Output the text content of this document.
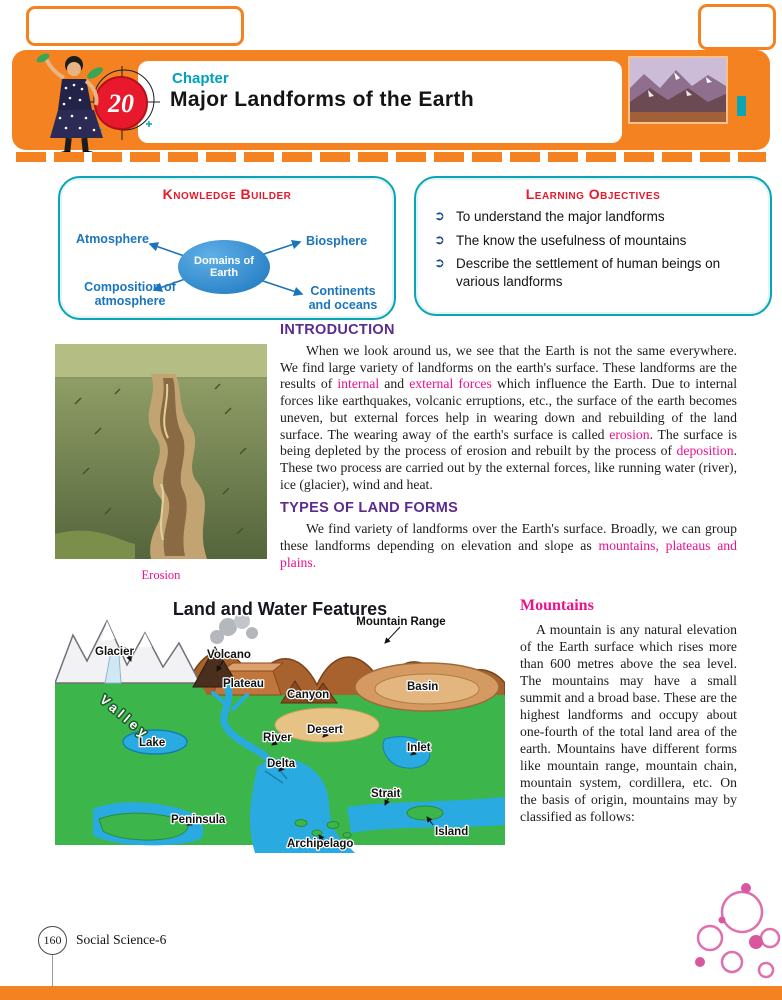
Chapter
Major Landforms of the Earth
20
Knowledge Builder
Atmosphere	Biosphere
Composition of atmosphere
Continents and oceans
Domains of Earth
Learning Objectives
➲ To understand the major landforms
➲ The know the usefulness of mountains
➲ Describe the settlement of human beings on various landforms
Erosion
INTRODUCTION

When we look around us, we see that the Earth is not the same everywhere. We find large variety of landforms on the earth's surface. These landforms are the results of internal and external forces which influence the Earth. Due to internal forces like earthquakes, volcanic erruptions, etc., the surface of the earth becomes uneven, but external forces help in wearing down and rebuilding of the land surface. The wearing away of the earth's surface is called erosion. The surface is being depleted by the process of erosion and rebuilt by the process of deposition. These two process are carried out by the external forces, like running water (river), ice (glacier), wind and heat.

TYPES OF LAND FORMS

We find variety of landforms over the Earth's surface. Broadly, we can group these landforms depending on elevation and slope as mountains, plateaus and plains.

Land and Water Features
Mountain Range
Glacier	Volcano
Plateau
Canyon
Basin
Desert
Valley
Lake	River
Delta
Inlet
Strait
Peninsula
Archipelago
Island
Mountains

A mountain is any natural elevation of the Earth surface which rises more than 600 metres above the sea level. The mountains may have a small summit and a broad base. These are the highest landforms and occupy about one-fourth of the total land area of the earth. Mountains have different forms like mountain range, mountain chain, mountain system, cordillera, etc. On the basis of origin, mountains may by classified as follows:

160	Social Science-6
